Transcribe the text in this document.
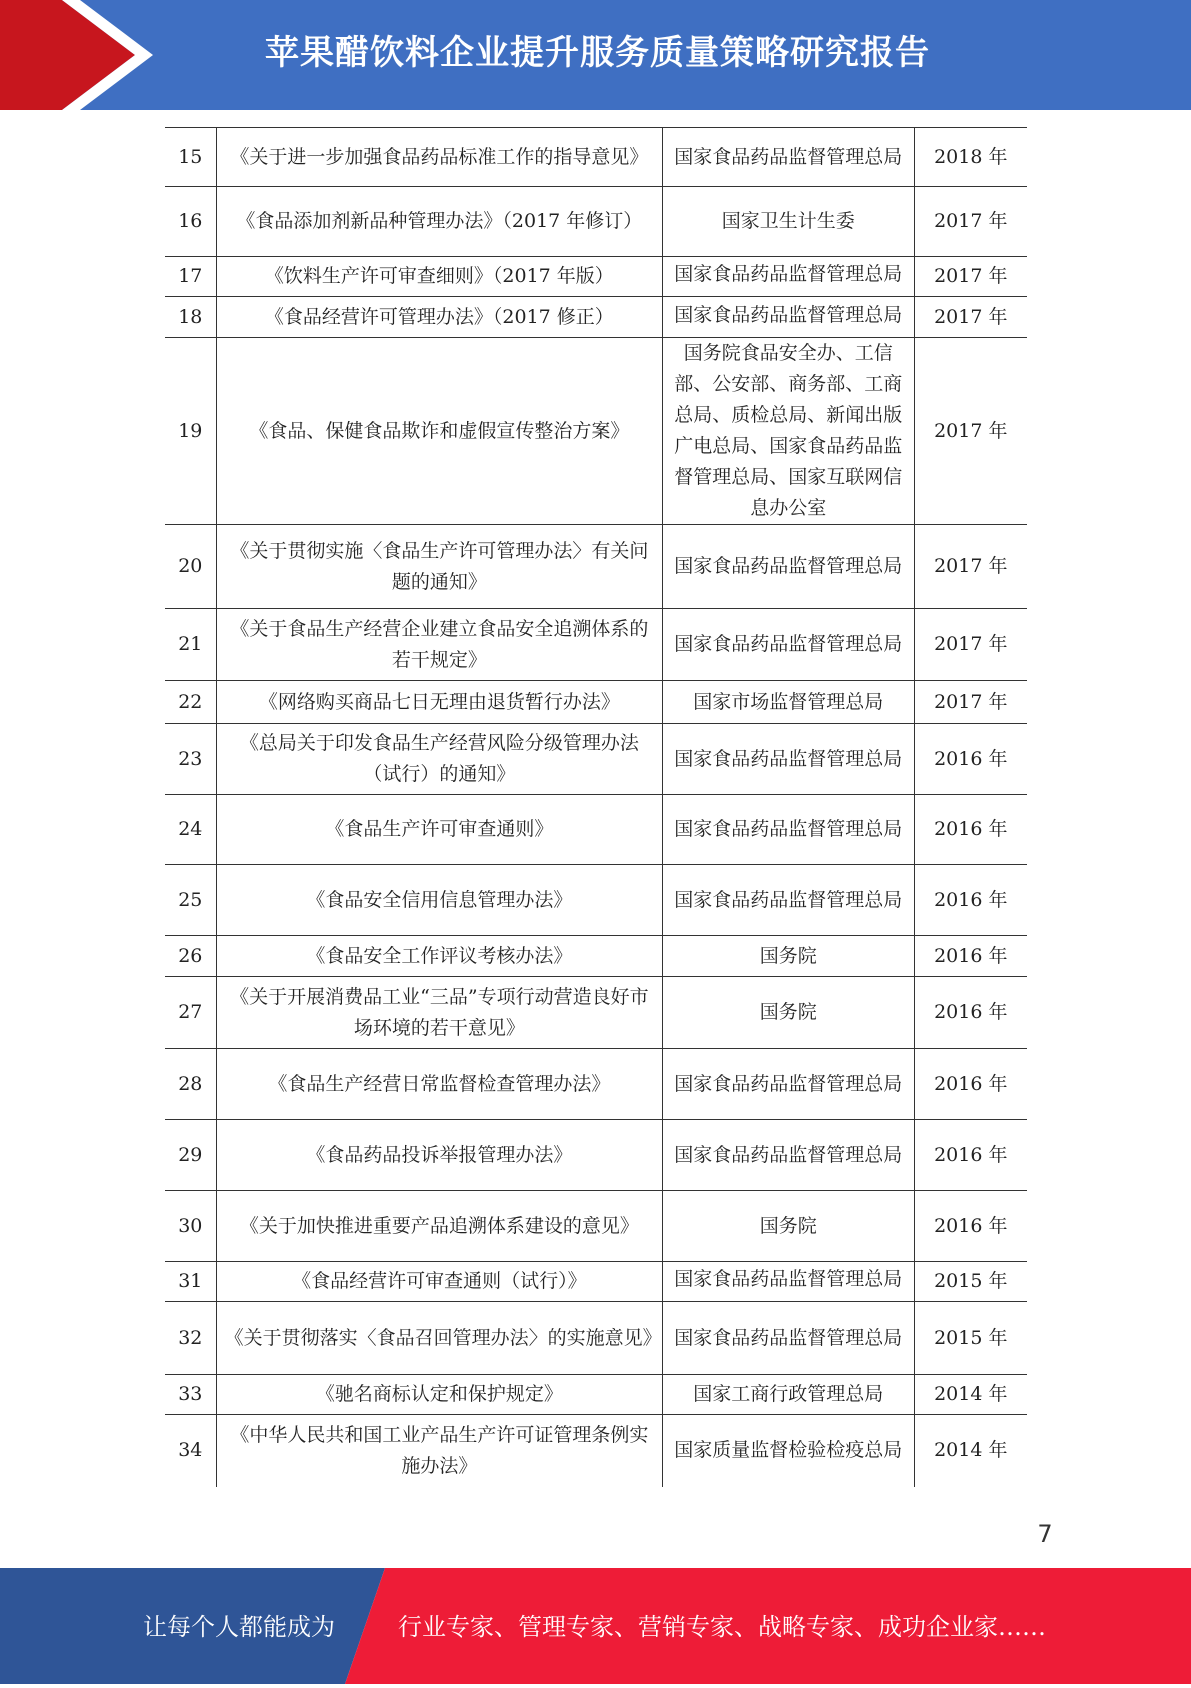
苹果醋饮料企业提升服务质量策略研究报告
15	《关于进一步加强食品药品标准工作的指导意见》	国家食品药品监督管理总局	2018 年
16	《食品添加剂新品种管理办法》（2017 年修订）	国家卫生计生委	2017 年
17	《饮料生产许可审查细则》（2017 年版）	国家食品药品监督管理总局	2017 年
18	《食品经营许可管理办法》（2017 修正）	国家食品药品监督管理总局	2017 年
19	《食品、保健食品欺诈和虚假宣传整治方案》	国务院食品安全办、工信部、公安部、商务部、工商总局、质检总局、新闻出版广电总局、国家食品药品监督管理总局、国家互联网信息办公室	2017 年
20	《关于贯彻实施〈食品生产许可管理办法〉有关问题的通知》	国家食品药品监督管理总局	2017 年
21	《关于食品生产经营企业建立食品安全追溯体系的若干规定》	国家食品药品监督管理总局	2017 年
22	《网络购买商品七日无理由退货暂行办法》	国家市场监督管理总局	2017 年
23	《总局关于印发食品生产经营风险分级管理办法（试行）的通知》	国家食品药品监督管理总局	2016 年
24	《食品生产许可审查通则》	国家食品药品监督管理总局	2016 年
25	《食品安全信用信息管理办法》	国家食品药品监督管理总局	2016 年
26	《食品安全工作评议考核办法》	国务院	2016 年
27	《关于开展消费品工业“三品”专项行动营造良好市场环境的若干意见》	国务院	2016 年
28	《食品生产经营日常监督检查管理办法》	国家食品药品监督管理总局	2016 年
29	《食品药品投诉举报管理办法》	国家食品药品监督管理总局	2016 年
30	《关于加快推进重要产品追溯体系建设的意见》	国务院	2016 年
31	《食品经营许可审查通则（试行）》	国家食品药品监督管理总局	2015 年
32	《关于贯彻落实〈食品召回管理办法〉的实施意见》	国家食品药品监督管理总局	2015 年
33	《驰名商标认定和保护规定》	国家工商行政管理总局	2014 年
34	《中华人民共和国工业产品生产许可证管理条例实施办法》	国家质量监督检验检疫总局	2014 年
7
让每个人都能成为	行业专家、管理专家、营销专家、战略专家、成功企业家……
